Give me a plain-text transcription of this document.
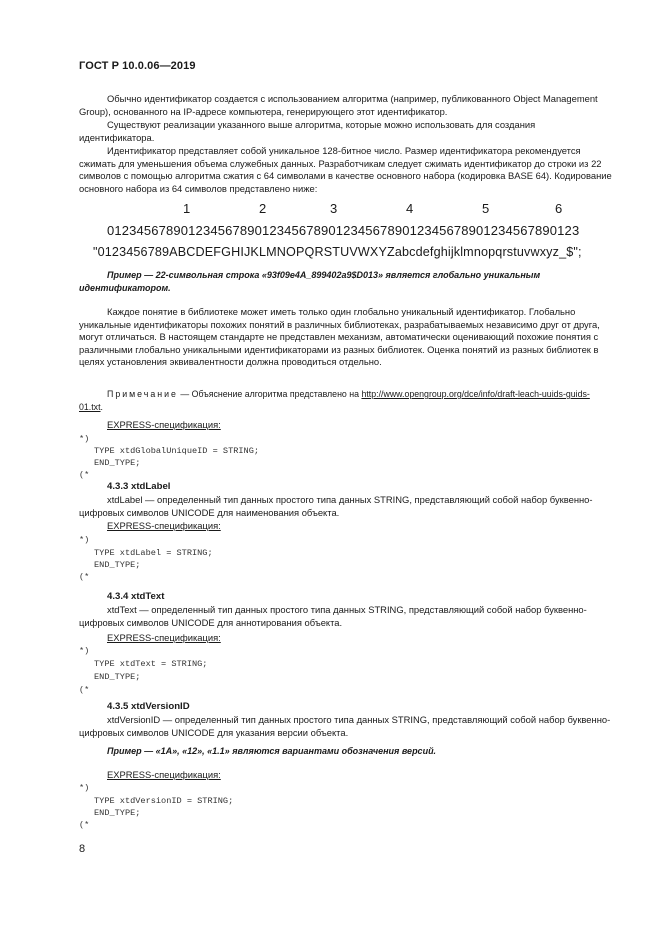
ГОСТ Р 10.0.06—2019
Обычно идентификатор создается с использованием алгоритма (например, публикованного Object Management Group), основанного на IP-адресе компьютера, генерирующего этот идентификатор.
Существуют реализации указанного выше алгоритма, которые можно использовать для создания идентификатора.
Идентификатор представляет собой уникальное 128-битное число. Размер идентификатора рекомендуется сжимать для уменьшения объема служебных данных. Разработчикам следует сжимать идентификатор до строки из 22 символов с помощью алгоритма сжатия с 64 символами в качестве основного набора (кодировка BASE 64). Кодирование основного набора из 64 символов представлено ниже:
1	2	3	4	5	6
0123456789012345678901234567890123456789012345678901234567890123
"0123456789ABCDEFGHIJKLMNOPQRSTUVWXYZabcdefghijklmnopqrstuvwxyz_$";
Пример — 22-символьная строка «93f09e4A_899402a9$D013» является глобально уникальным идентификатором.
Каждое понятие в библиотеке может иметь только один глобально уникальный идентификатор. Глобально уникальные идентификаторы похожих понятий в различных библиотеках, разрабатываемых независимо друг от друга, могут отличаться. В настоящем стандарте не представлен механизм, автоматически оценивающий похожие понятия с различными глобально уникальными идентификаторами из разных библиотек. Оценка понятий из разных библиотек в целях установления эквивалентности должна проводиться отдельно.
Примечание — Объяснение алгоритма представлено на http://www.opengroup.org/dce/info/draft-leach-uuids-guids-01.txt.
EXPRESS-спецификация:
*)
TYPE xtdGlobalUniqueID = STRING;
END_TYPE;
(*
4.3.3 xtdLabel
xtdLabel — определенный тип данных простого типа данных STRING, представляющий собой набор буквенно-цифровых символов UNICODE для наименования объекта.
EXPRESS-спецификация:
*)
TYPE xtdLabel = STRING;
END_TYPE;
(*
4.3.4 xtdText
xtdText — определенный тип данных простого типа данных STRING, представляющий собой набор буквенно-цифровых символов UNICODE для аннотирования объекта.
EXPRESS-спецификация:
*)
TYPE xtdText = STRING;
END_TYPE;
(*
4.3.5 xtdVersionID
xtdVersionID — определенный тип данных простого типа данных STRING, представляющий собой набор буквенно-цифровых символов UNICODE для указания версии объекта.
Пример — «1A», «12», «1.1» являются вариантами обозначения версий.
EXPRESS-спецификация:
*)
TYPE xtdVersionID = STRING;
END_TYPE;
(*
8
